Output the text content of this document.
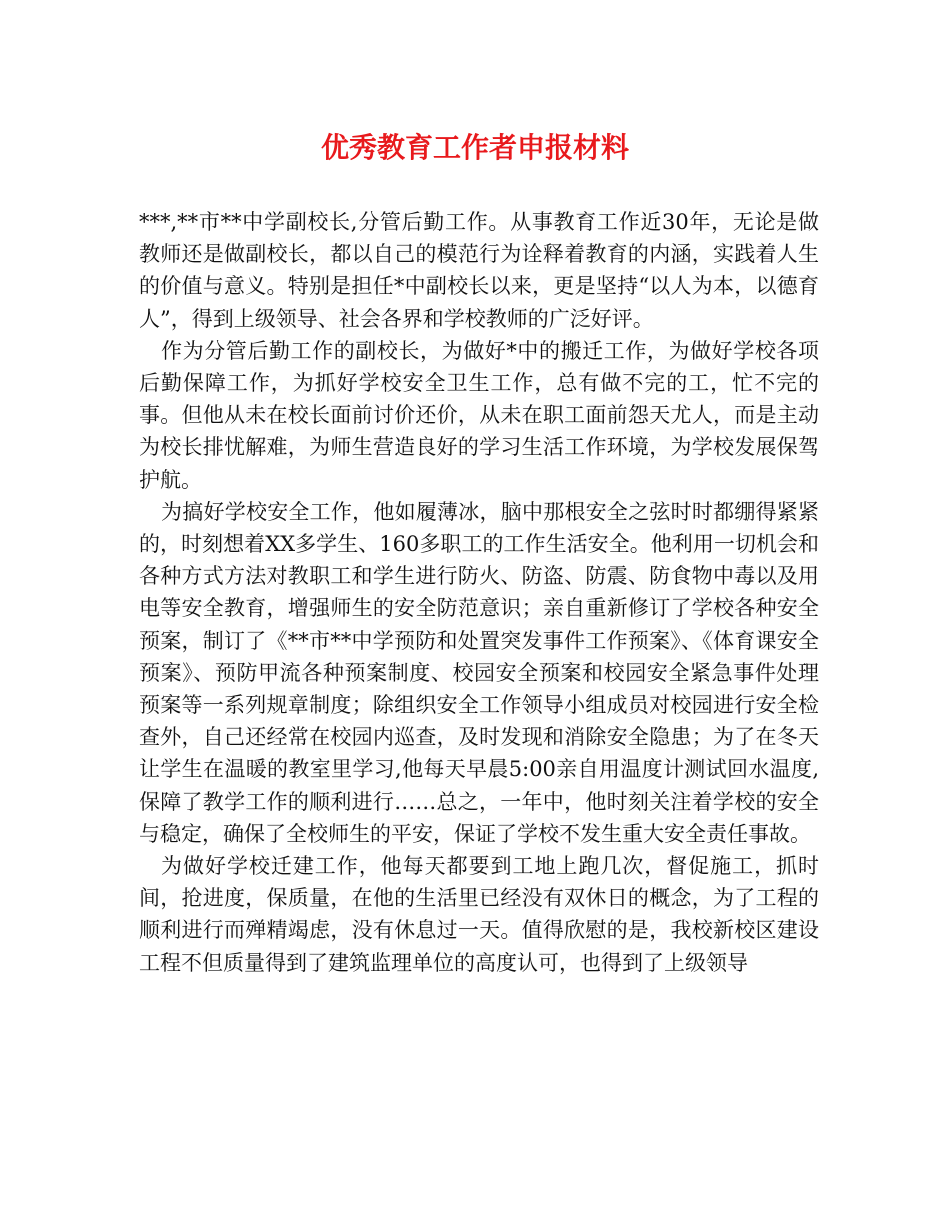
优秀教育工作者申报材料

***,**市**中学副校长,分管后勤工作。从事教育工作近30年，无论是做教师还是做副校长，都以自己的模范行为诠释着教育的内涵，实践着人生的价值与意义。特别是担任*中副校长以来，更是坚持“以人为本，以德育人”，得到上级领导、社会各界和学校教师的广泛好评。

作为分管后勤工作的副校长，为做好*中的搬迁工作，为做好学校各项后勤保障工作，为抓好学校安全卫生工作，总有做不完的工，忙不完的事。但他从未在校长面前讨价还价，从未在职工面前怨天尤人，而是主动为校长排忧解难，为师生营造良好的学习生活工作环境，为学校发展保驾护航。

为搞好学校安全工作，他如履薄冰，脑中那根安全之弦时时都绷得紧紧的，时刻想着XX多学生、160多职工的工作生活安全。他利用一切机会和各种方式方法对教职工和学生进行防火、防盗、防震、防食物中毒以及用电等安全教育，增强师生的安全防范意识；亲自重新修订了学校各种安全预案，制订了《**市**中学预防和处置突发事件工作预案》、《体育课安全预案》、预防甲流各种预案制度、校园安全预案和校园安全紧急事件处理预案等一系列规章制度；除组织安全工作领导小组成员对校园进行安全检查外，自己还经常在校园内巡查，及时发现和消除安全隐患；为了在冬天让学生在温暖的教室里学习,他每天早晨5:00亲自用温度计测试回水温度,保障了教学工作的顺利进行……总之，一年中，他时刻关注着学校的安全与稳定，确保了全校师生的平安，保证了学校不发生重大安全责任事故。

为做好学校迁建工作，他每天都要到工地上跑几次，督促施工，抓时间，抢进度，保质量，在他的生活里已经没有双休日的概念，为了工程的顺利进行而殚精竭虑，没有休息过一天。值得欣慰的是，我校新校区建设工程不但质量得到了建筑监理单位的高度认可，也得到了上级领导
